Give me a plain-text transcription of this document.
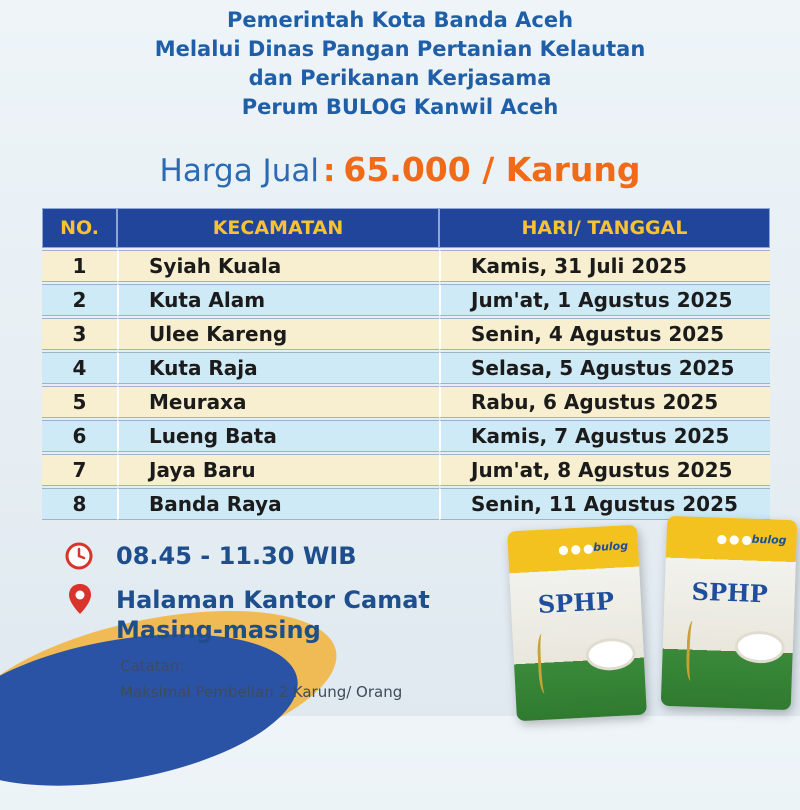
Pemerintah Kota Banda Aceh
Melalui Dinas Pangan Pertanian Kelautan
dan Perikanan Kerjasama
Perum BULOG Kanwil Aceh
Harga Jual : 65.000 / Karung
NO.	KECAMATAN	HARI/ TANGGAL
1	Syiah Kuala	Kamis, 31 Juli 2025
2	Kuta Alam	Jum'at, 1 Agustus 2025
3	Ulee Kareng	Senin, 4 Agustus 2025
4	Kuta Raja	Selasa, 5 Agustus 2025
5	Meuraxa	Rabu, 6 Agustus 2025
6	Lueng Bata	Kamis, 7 Agustus 2025
7	Jaya Baru	Jum'at, 8 Agustus 2025
8	Banda Raya	Senin, 11 Agustus 2025
08.45 - 11.30 WIB
Halaman Kantor Camat
Masing-masing
Catatan:
Maksimal Pembelian 2 Karung/ Orang
●●●
bulog
SPHP
●●●
bulog
SPHP
